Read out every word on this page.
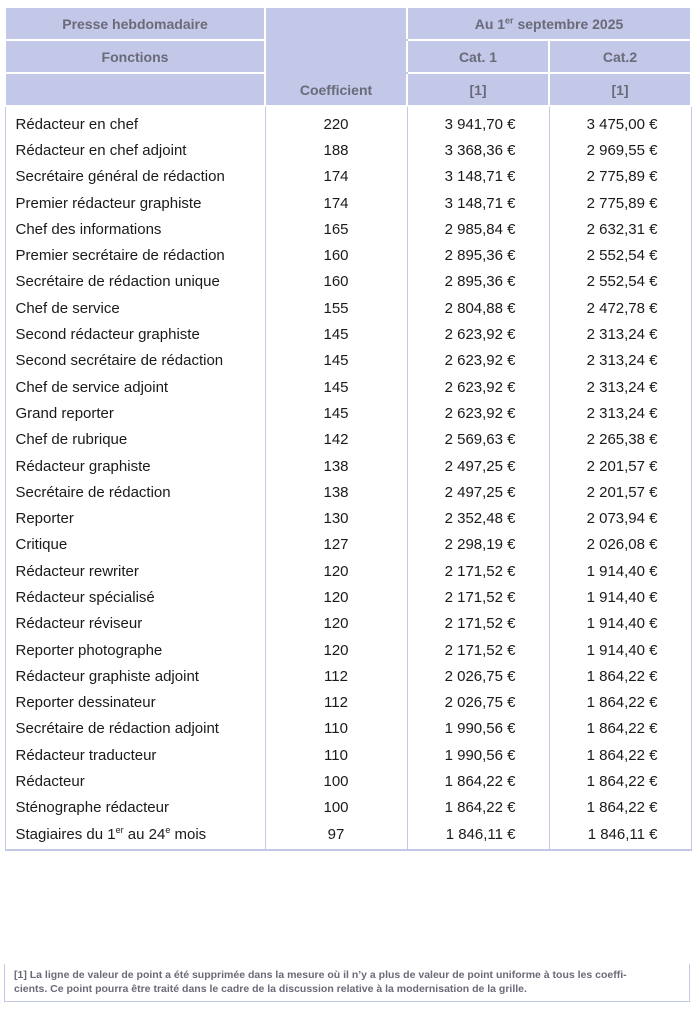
Presse hebdomadaire		Au 1er septembre 2025	
Fonctions		Cat. 1	Cat.2
	Coefficient	[1]	[1]
Rédacteur en chef	220	3 941,70 €	3 475,00 €
Rédacteur en chef adjoint	188	3 368,36 €	2 969,55 €
Secrétaire général de rédaction	174	3 148,71 €	2 775,89 €
Premier rédacteur graphiste	174	3 148,71 €	2 775,89 €
Chef des informations	165	2 985,84 €	2 632,31 €
Premier secrétaire de rédaction	160	2 895,36 €	2 552,54 €
Secrétaire de rédaction unique	160	2 895,36 €	2 552,54 €
Chef de service	155	2 804,88 €	2 472,78 €
Second rédacteur graphiste	145	2 623,92 €	2 313,24 €
Second secrétaire de rédaction	145	2 623,92 €	2 313,24 €
Chef de service adjoint	145	2 623,92 €	2 313,24 €
Grand reporter	145	2 623,92 €	2 313,24 €
Chef de rubrique	142	2 569,63 €	2 265,38 €
Rédacteur graphiste	138	2 497,25 €	2 201,57 €
Secrétaire de rédaction	138	2 497,25 €	2 201,57 €
Reporter	130	2 352,48 €	2 073,94 €
Critique	127	2 298,19 €	2 026,08 €
Rédacteur rewriter	120	2 171,52 €	1 914,40 €
Rédacteur spécialisé	120	2 171,52 €	1 914,40 €
Rédacteur réviseur	120	2 171,52 €	1 914,40 €
Reporter photographe	120	2 171,52 €	1 914,40 €
Rédacteur graphiste adjoint	112	2 026,75 €	1 864,22 €
Reporter dessinateur	112	2 026,75 €	1 864,22 €
Secrétaire de rédaction adjoint	110	1 990,56 €	1 864,22 €
Rédacteur traducteur	110	1 990,56 €	1 864,22 €
Rédacteur	100	1 864,22 €	1 864,22 €
Sténographe rédacteur	100	1 864,22 €	1 864,22 €
Stagiaires du 1er au 24e mois	97	1 846,11 €	1 846,11 €
[1] La ligne de valeur de point a été supprimée dans la mesure où il n’y a plus de valeur de point uniforme à tous les coeffi-
cients. Ce point pourra être traité dans le cadre de la discussion relative à la modernisation de la grille.
